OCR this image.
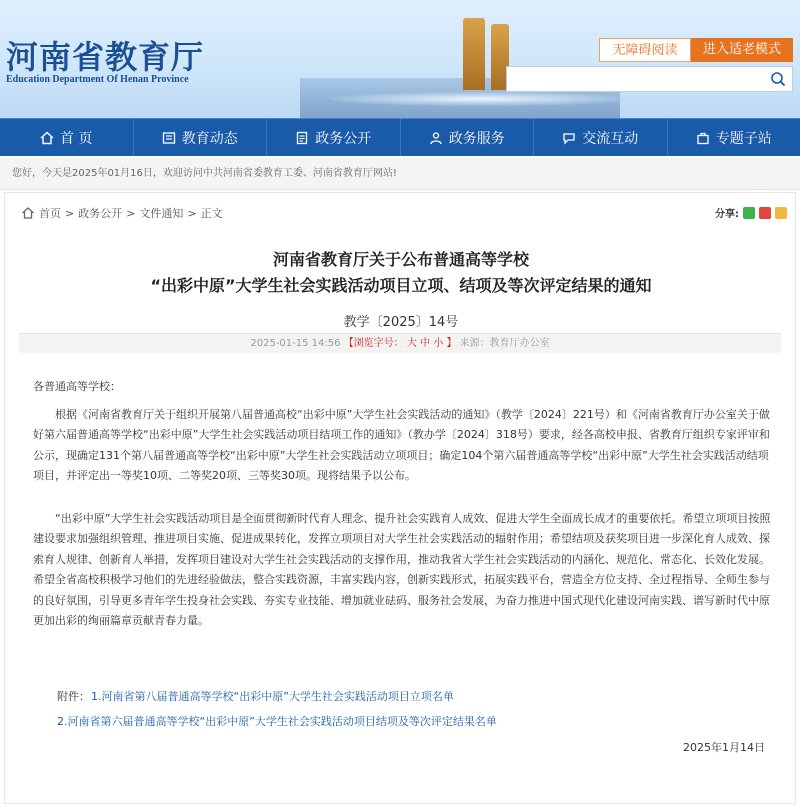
河南省教育厅
Education Department Of Henan Province
无障碍阅读	进入适老模式
首 页	教育动态	政务公开	政务服务	交流互动	专题子站
您好，今天是2025年01月16日，欢迎访问中共河南省委教育工委、河南省教育厅网站!
首页 > 政务公开 > 文件通知 > 正文	分享:
河南省教育厅关于公布普通高等学校
“出彩中原”大学生社会实践活动项目立项、结项及等次评定结果的通知
教学〔2025〕14号
2025-01-15 14:56 【浏览字号： 大 中 小 】 来源：教育厅办公室
各普通高等学校：
根据《河南省教育厅关于组织开展第八届普通高校“出彩中原”大学生社会实践活动的通知》（教学〔2024〕221号）和《河南省教育厅办公室关于做好第六届普通高等学校“出彩中原”大学生社会实践活动项目结项工作的通知》（教办学〔2024〕318号）要求，经各高校申报、省教育厅组织专家评审和公示，现确定131个第八届普通高等学校“出彩中原”大学生社会实践活动立项项目；确定104个第六届普通高等学校“出彩中原”大学生社会实践活动结项项目，并评定出一等奖10项、二等奖20项、三等奖30项。现将结果予以公布。
“出彩中原”大学生社会实践活动项目是全面贯彻新时代育人理念、提升社会实践育人成效、促进大学生全面成长成才的重要依托。希望立项项目按照建设要求加强组织管理、推进项目实施、促进成果转化，发挥立项项目对大学生社会实践活动的辐射作用；希望结项及获奖项目进一步深化育人成效、探索育人规律、创新育人举措，发挥项目建设对大学生社会实践活动的支撑作用，推动我省大学生社会实践活动的内涵化、规范化、常态化、长效化发展。希望全省高校积极学习他们的先进经验做法，整合实践资源，丰富实践内容，创新实践形式，拓展实践平台，营造全方位支持、全过程指导、全师生参与的良好氛围，引导更多青年学生投身社会实践、夯实专业技能、增加就业砝码、服务社会发展，为奋力推进中国式现代化建设河南实践、谱写新时代中原更加出彩的绚丽篇章贡献青春力量。
附件： 1.河南省第八届普通高等学校“出彩中原”大学生社会实践活动项目立项名单
2.河南省第六届普通高等学校“出彩中原”大学生社会实践活动项目结项及等次评定结果名单
2025年1月14日
